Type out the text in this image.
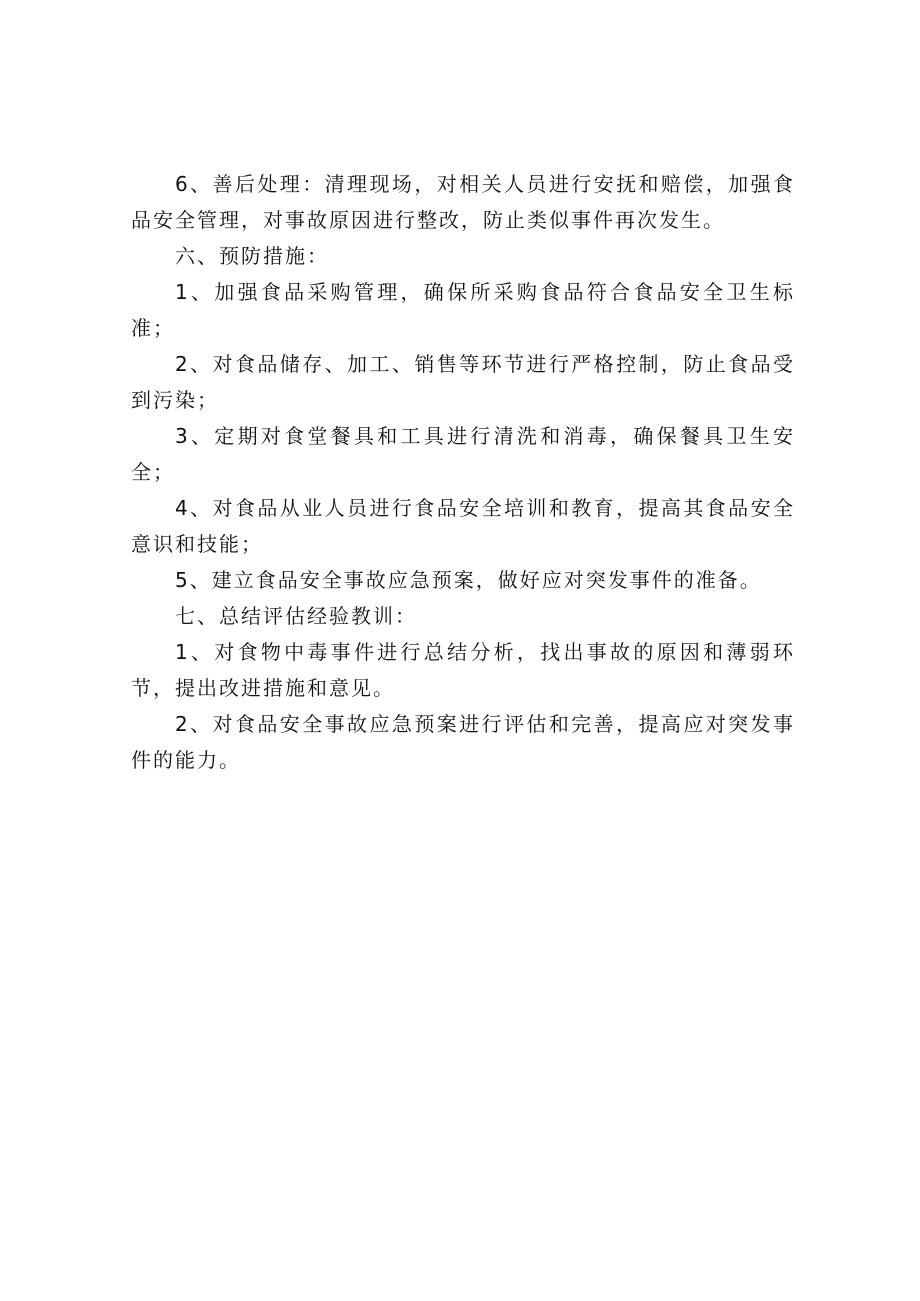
6、善后处理：清理现场，对相关人员进行安抚和赔偿，加强食品安全管理，对事故原因进行整改，防止类似事件再次发生。

六、预防措施：

1、加强食品采购管理，确保所采购食品符合食品安全卫生标准；

2、对食品储存、加工、销售等环节进行严格控制，防止食品受到污染；

3、定期对食堂餐具和工具进行清洗和消毒，确保餐具卫生安全；

4、对食品从业人员进行食品安全培训和教育，提高其食品安全意识和技能；

5、建立食品安全事故应急预案，做好应对突发事件的准备。

七、总结评估经验教训：

1、对食物中毒事件进行总结分析，找出事故的原因和薄弱环节，提出改进措施和意见。

2、对食品安全事故应急预案进行评估和完善，提高应对突发事件的能力。
